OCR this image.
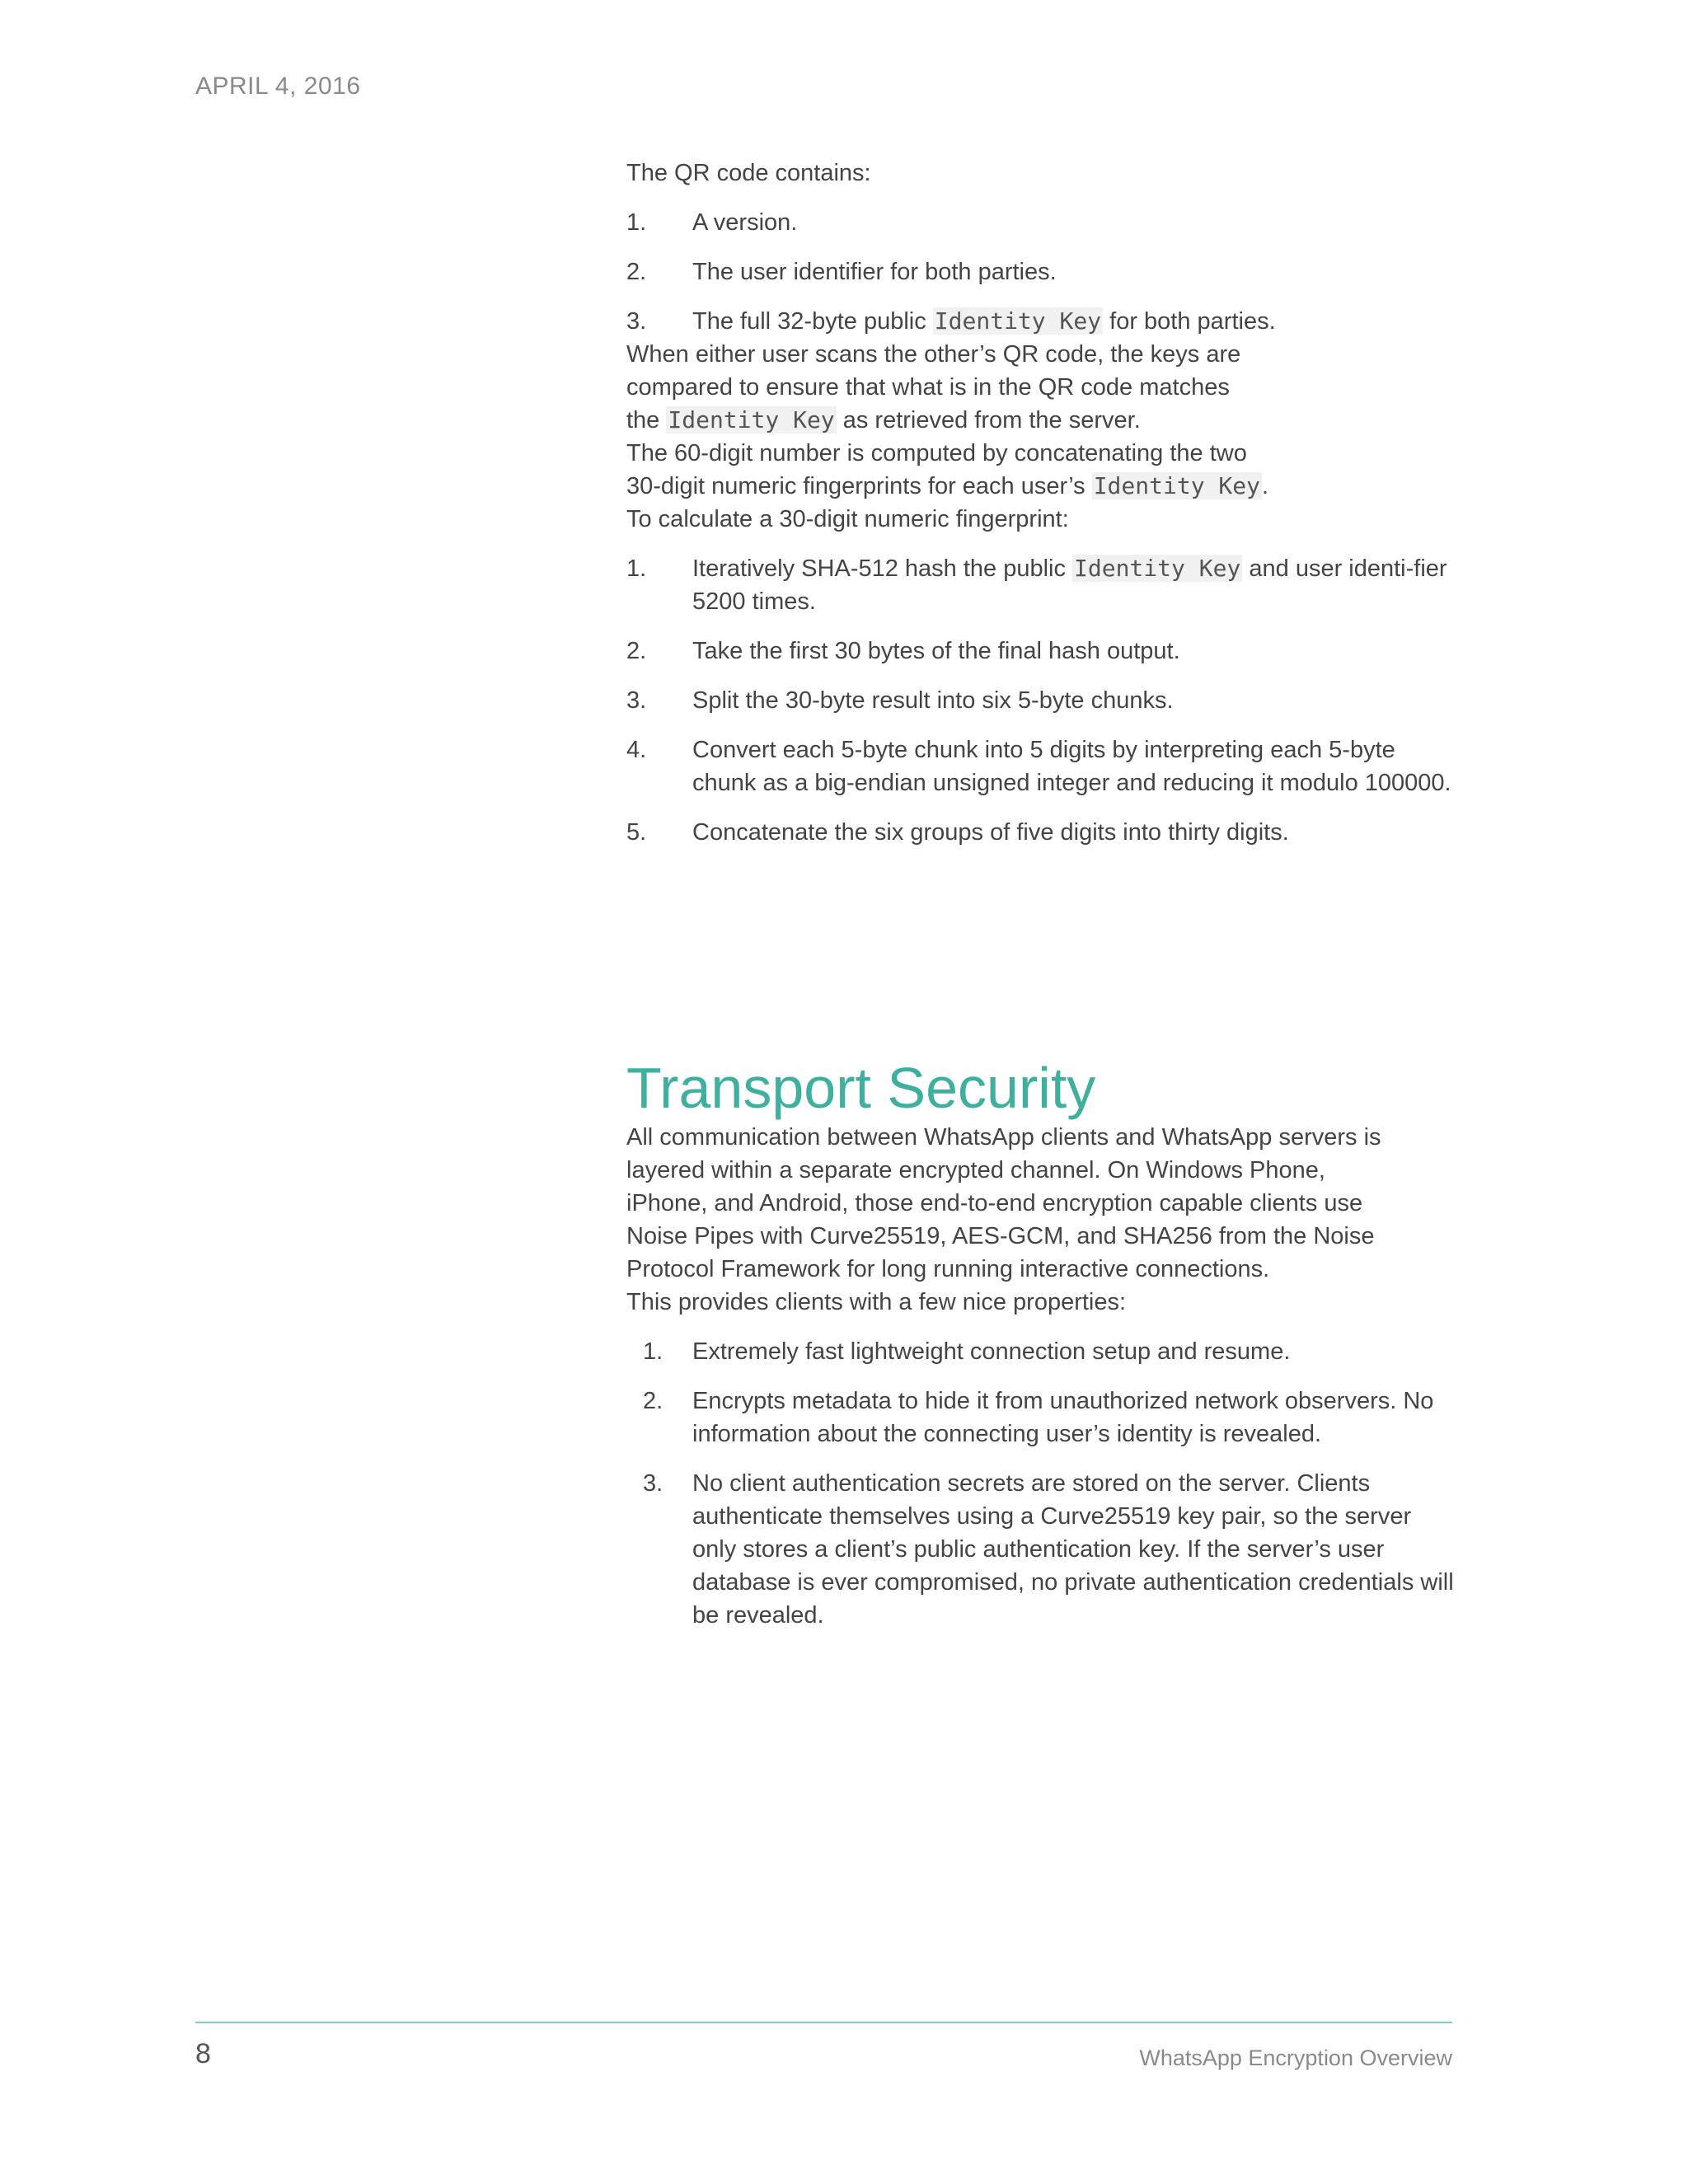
APRIL 4, 2016

The QR code contains:

1. A version.
2. The user identifier for both parties.
3. The full 32-byte public Identity Key for both parties.

When either user scans the other’s QR code, the keys are compared to ensure that what is in the QR code matches the Identity Key as retrieved from the server.

The 60-digit number is computed by concatenating the two 30-digit numeric fingerprints for each user’s Identity Key. To calculate a 30-digit numeric fingerprint:

1. Iteratively SHA-512 hash the public Identity Key and user identi-fier 5200 times.
2. Take the first 30 bytes of the final hash output.
3. Split the 30-byte result into six 5-byte chunks.
4. Convert each 5-byte chunk into 5 digits by interpreting each 5-byte chunk as a big-endian unsigned integer and reducing it modulo 100000.
5. Concatenate the six groups of five digits into thirty digits.
Transport Security

All communication between WhatsApp clients and WhatsApp servers is layered within a separate encrypted channel. On Windows Phone, iPhone, and Android, those end-to-end encryption capable clients use Noise Pipes with Curve25519, AES-GCM, and SHA256 from the Noise Protocol Framework for long running interactive connections.

This provides clients with a few nice properties:

1. Extremely fast lightweight connection setup and resume.
2. Encrypts metadata to hide it from unauthorized network observers. No information about the connecting user’s identity is revealed.
3. No client authentication secrets are stored on the server. Clients authenticate themselves using a Curve25519 key pair, so the server only stores a client’s public authentication key. If the server’s user database is ever compromised, no private authentication credentials will be revealed.

8	WhatsApp Encryption Overview
